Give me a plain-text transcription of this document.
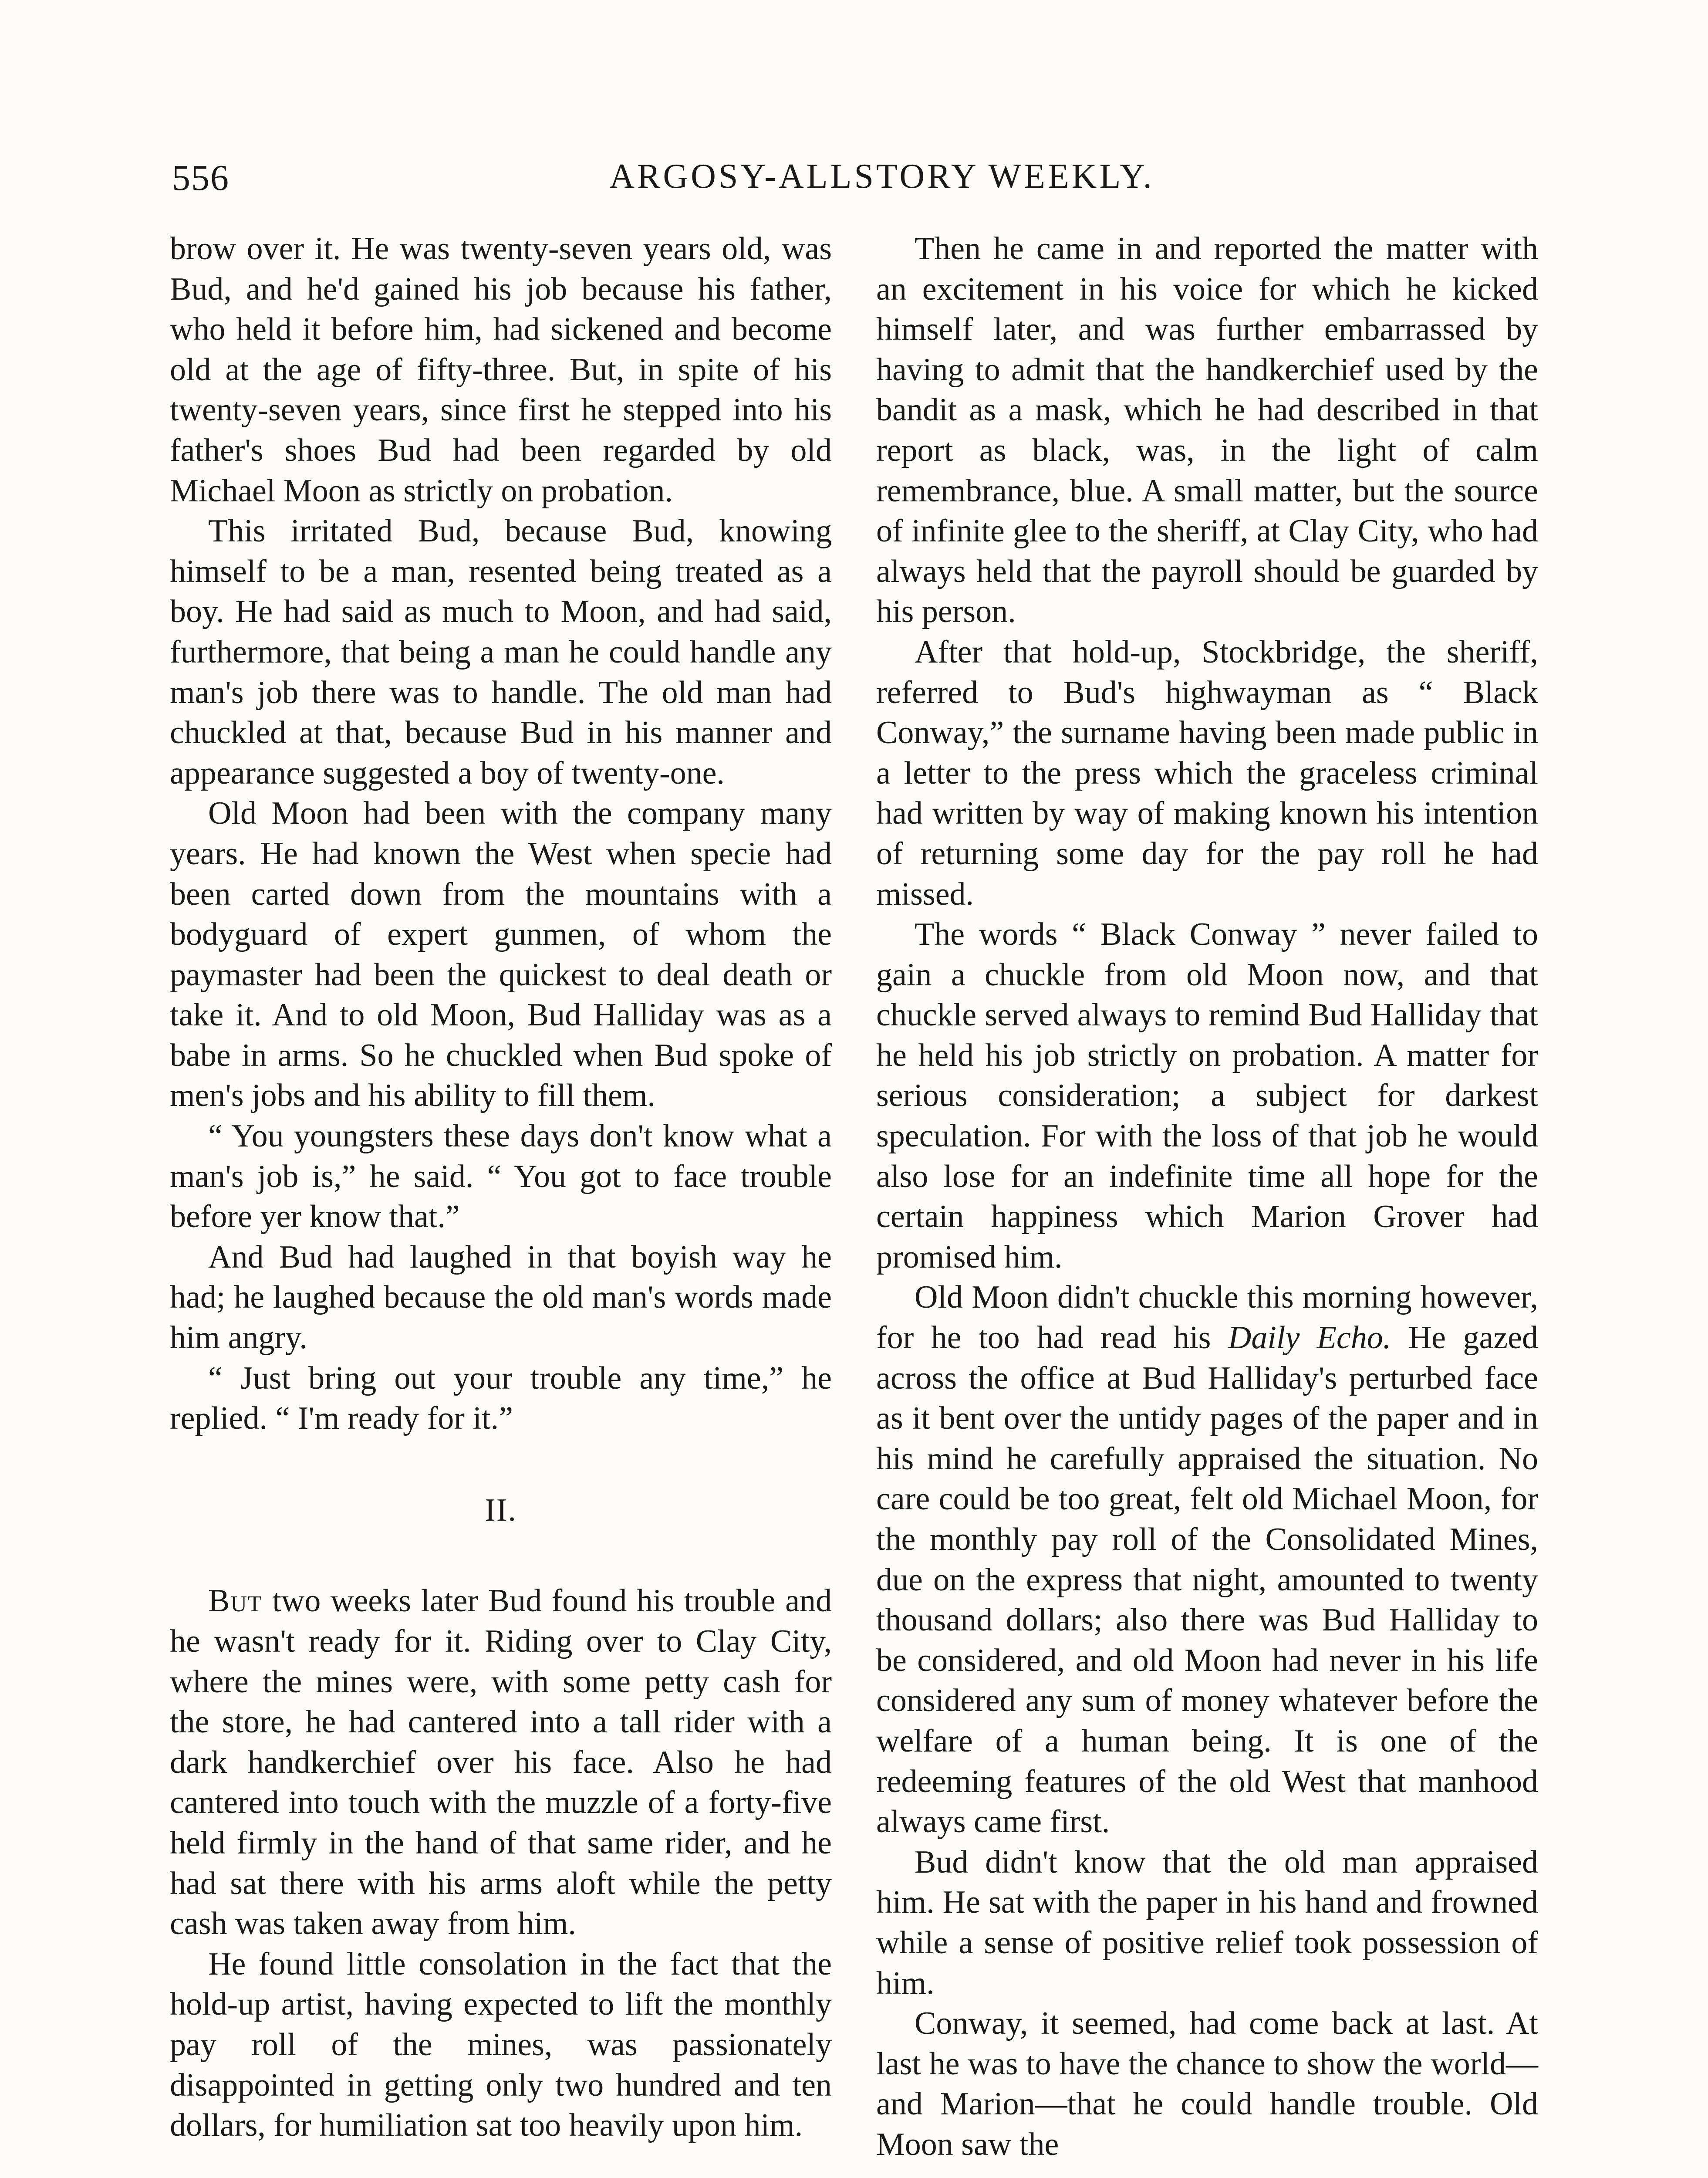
556	ARGOSY-ALLSTORY WEEKLY.

brow over it. He was twenty-seven years old, was Bud, and he'd gained his job because his father, who held it before him, had sickened and become old at the age of fifty-three. But, in spite of his twenty-seven years, since first he stepped into his father's shoes Bud had been regarded by old Michael Moon as strictly on probation.

This irritated Bud, because Bud, knowing himself to be a man, resented being treated as a boy. He had said as much to Moon, and had said, furthermore, that being a man he could handle any man's job there was to handle. The old man had chuckled at that, because Bud in his manner and appearance suggested a boy of twenty-one.

Old Moon had been with the company many years. He had known the West when specie had been carted down from the mountains with a bodyguard of expert gunmen, of whom the paymaster had been the quickest to deal death or take it. And to old Moon, Bud Halliday was as a babe in arms. So he chuckled when Bud spoke of men's jobs and his ability to fill them.

“ You youngsters these days don't know what a man's job is,” he said. “ You got to face trouble before yer know that.”

And Bud had laughed in that boyish way he had; he laughed because the old man's words made him angry.

“ Just bring out your trouble any time,” he replied. “ I'm ready for it.”

II.

But two weeks later Bud found his trouble and he wasn't ready for it. Riding over to Clay City, where the mines were, with some petty cash for the store, he had cantered into a tall rider with a dark handkerchief over his face. Also he had cantered into touch with the muzzle of a forty-five held firmly in the hand of that same rider, and he had sat there with his arms aloft while the petty cash was taken away from him.

He found little consolation in the fact that the hold-up artist, having expected to lift the monthly pay roll of the mines, was passionately disappointed in getting only two hundred and ten dollars, for humiliation sat too heavily upon him.

Then he came in and reported the matter with an excitement in his voice for which he kicked himself later, and was further embarrassed by having to admit that the handkerchief used by the bandit as a mask, which he had described in that report as black, was, in the light of calm remembrance, blue. A small matter, but the source of infinite glee to the sheriff, at Clay City, who had always held that the payroll should be guarded by his person.

After that hold-up, Stockbridge, the sheriff, referred to Bud's highwayman as “ Black Conway,” the surname having been made public in a letter to the press which the graceless criminal had written by way of making known his intention of returning some day for the pay roll he had missed.

The words “ Black Conway ” never failed to gain a chuckle from old Moon now, and that chuckle served always to remind Bud Halliday that he held his job strictly on probation. A matter for serious consideration; a subject for darkest speculation. For with the loss of that job he would also lose for an indefinite time all hope for the certain happiness which Marion Grover had promised him.

Old Moon didn't chuckle this morning however, for he too had read his Daily Echo. He gazed across the office at Bud Halliday's perturbed face as it bent over the untidy pages of the paper and in his mind he carefully appraised the situation. No care could be too great, felt old Michael Moon, for the monthly pay roll of the Consolidated Mines, due on the express that night, amounted to twenty thousand dollars; also there was Bud Halliday to be considered, and old Moon had never in his life considered any sum of money whatever before the welfare of a human being. It is one of the redeeming features of the old West that manhood always came first.

Bud didn't know that the old man appraised him. He sat with the paper in his hand and frowned while a sense of positive relief took possession of him.

Conway, it seemed, had come back at last. At last he was to have the chance to show the world—and Marion—that he could handle trouble. Old Moon saw the
